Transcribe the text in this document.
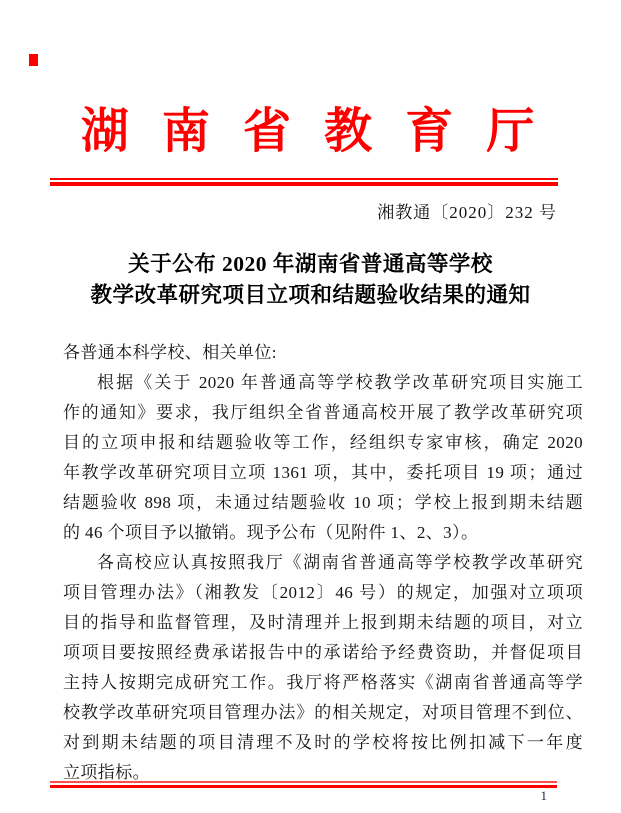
湖 南 省 教 育 厅
湘教通〔2020〕232 号
关于公布 2020 年湖南省普通高等学校
教学改革研究项目立项和结题验收结果的通知
各普通本科学校、相关单位:
根据《关于 2020 年普通高等学校教学改革研究项目实施工
作的通知》要求，我厅组织全省普通高校开展了教学改革研究项
目的立项申报和结题验收等工作，经组织专家审核，确定 2020
年教学改革研究项目立项 1361 项，其中，委托项目 19 项；通过
结题验收 898 项，未通过结题验收 10 项；学校上报到期未结题
的 46 个项目予以撤销。现予公布（见附件 1、2、3）。
各高校应认真按照我厅《湖南省普通高等学校教学改革研究
项目管理办法》（湘教发〔2012〕46 号）的规定，加强对立项项
目的指导和监督管理，及时清理并上报到期未结题的项目，对立
项项目要按照经费承诺报告中的承诺给予经费资助，并督促项目
主持人按期完成研究工作。我厅将严格落实《湖南省普通高等学
校教学改革研究项目管理办法》的相关规定，对项目管理不到位、
对到期未结题的项目清理不及时的学校将按比例扣减下一年度
立项指标。
1
